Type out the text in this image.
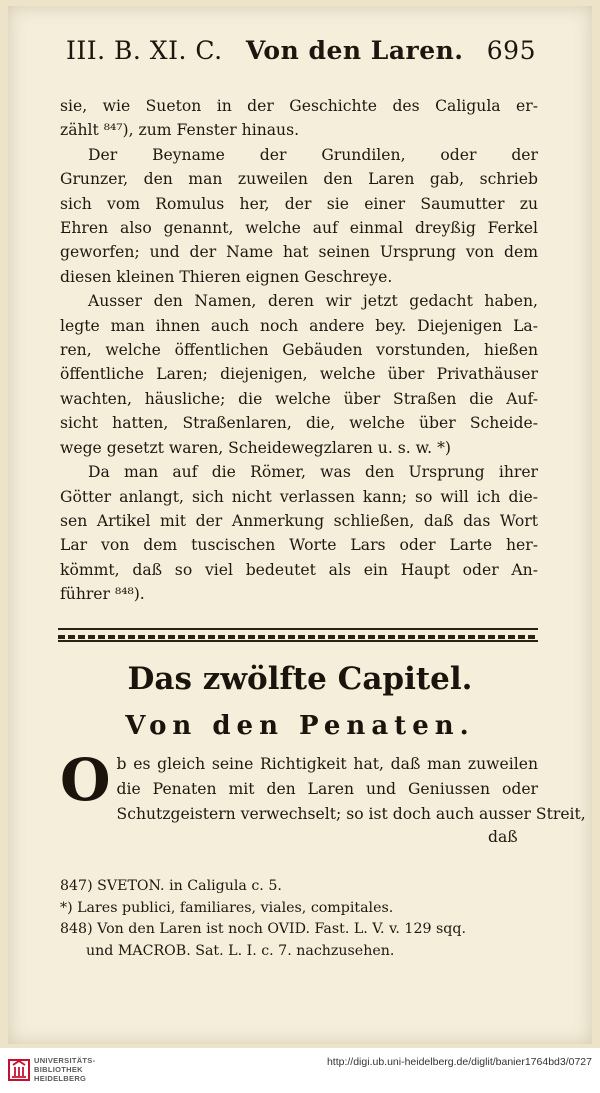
III. B. XI. C. Von den Laren. 695
sie, wie Sueton in der Geschichte des Caligula er-
zählt ⁸⁴⁷), zum Fenster hinaus.
Der Beyname der Grundilen, oder der
Grunzer, den man zuweilen den Laren gab, schrieb
sich vom Romulus her, der sie einer Saumutter zu
Ehren also genannt, welche auf einmal dreyßig Ferkel
geworfen; und der Name hat seinen Ursprung von dem
diesen kleinen Thieren eignen Geschreye.
Ausser den Namen, deren wir jetzt gedacht haben,
legte man ihnen auch noch andere bey. Diejenigen La-
ren, welche öffentlichen Gebäuden vorstunden, hießen
öffentliche Laren; diejenigen, welche über Privathäuser
wachten, häusliche; die welche über Straßen die Auf-
sicht hatten, Straßenlaren, die, welche über Scheide-
wege gesetzt waren, Scheidewegzlaren u. s. w. *)
Da man auf die Römer, was den Ursprung ihrer
Götter anlangt, sich nicht verlassen kann; so will ich die-
sen Artikel mit der Anmerkung schließen, daß das Wort
Lar von dem tuscischen Worte Lars oder Larte her-
kömmt, daß so viel bedeutet als ein Haupt oder An-
führer ⁸⁴⁸).
Das zwölfte Capitel.
Von den Penaten.
O b es gleich seine Richtigkeit hat, daß man zuweilen
die Penaten mit den Laren und Geniussen oder
Schutzgeistern verwechselt; so ist doch auch ausser Streit,
daß
847) SVETON. in Caligula c. 5.
*) Lares publici, familiares, viales, compitales.
848) Von den Laren ist noch OVID. Fast. L. V. v. 129 sqq.
und MACROB. Sat. L. I. c. 7. nachzusehen.
UNIVERSITÄTS-
BIBLIOTHEK
HEIDELBERG
http://digi.ub.uni-heidelberg.de/diglit/banier1764bd3/0727
